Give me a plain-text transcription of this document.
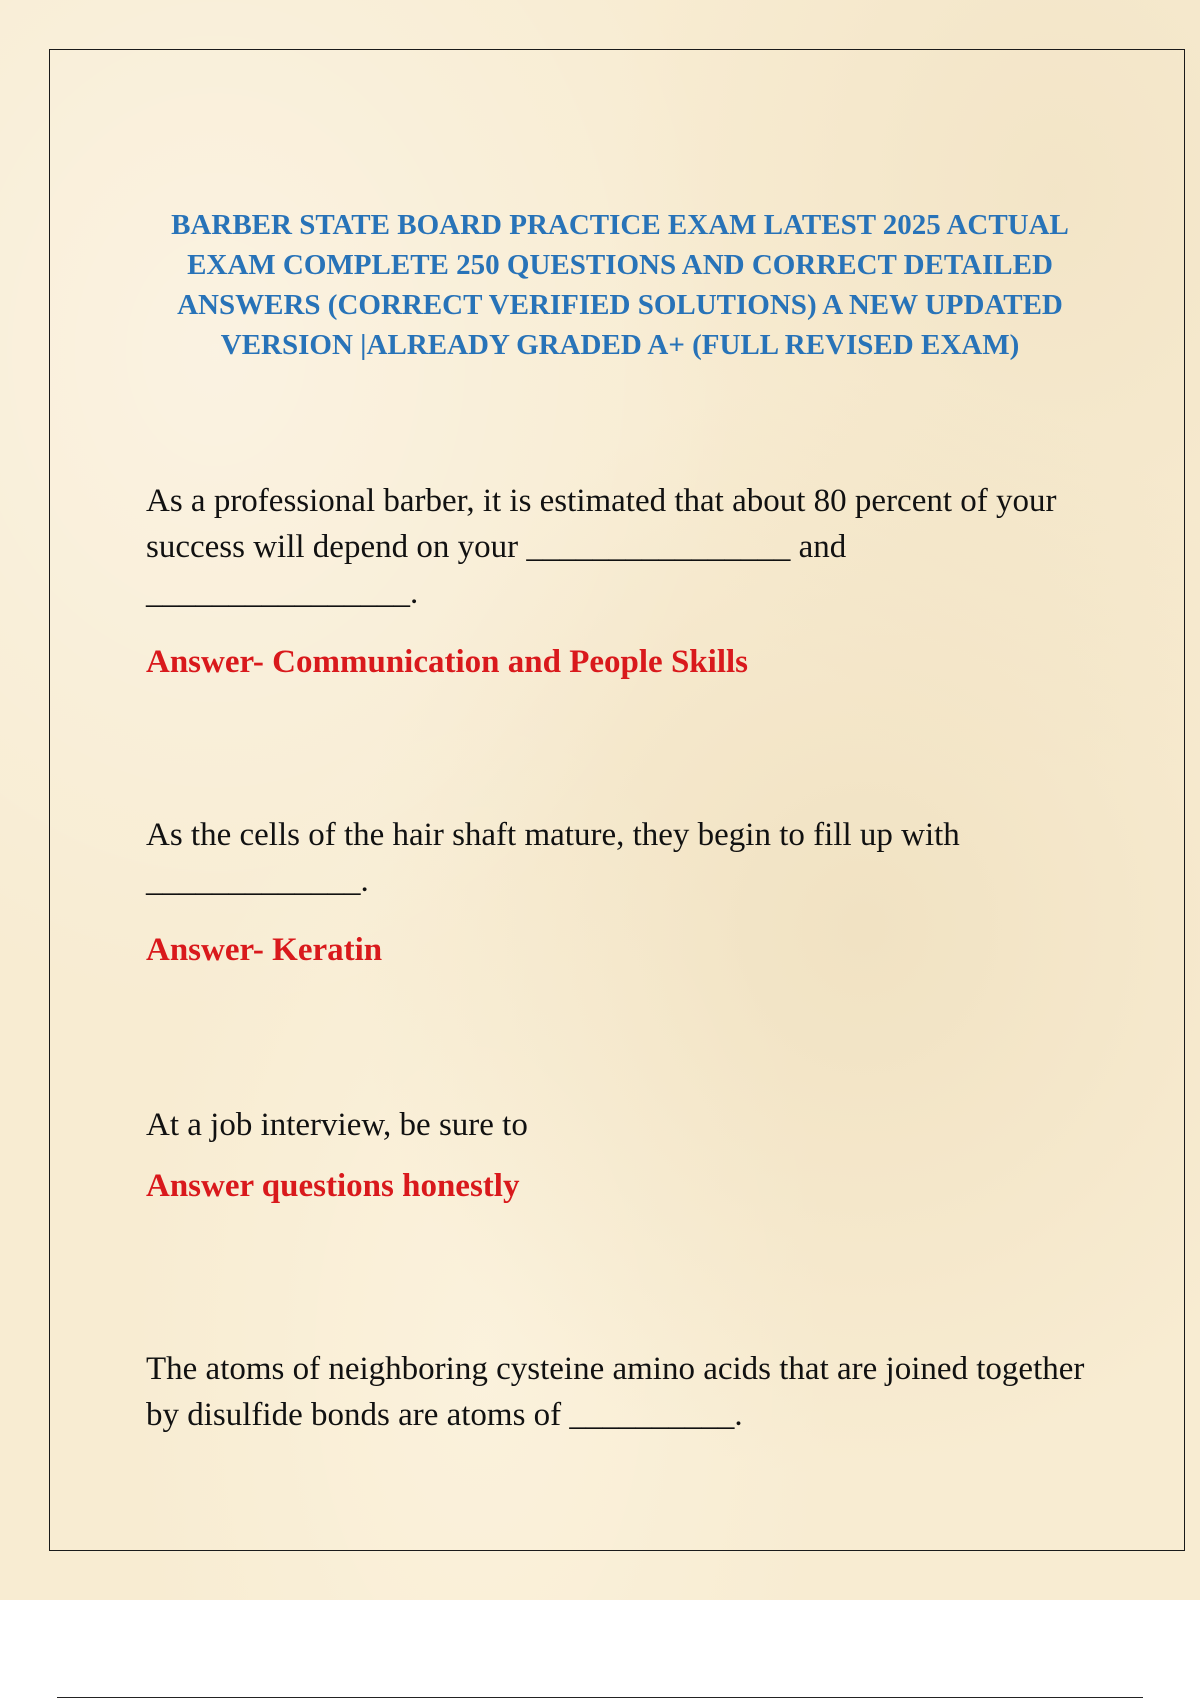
BARBER STATE BOARD PRACTICE EXAM LATEST 2025 ACTUAL EXAM COMPLETE 250 QUESTIONS AND CORRECT DETAILED ANSWERS (CORRECT VERIFIED SOLUTIONS) A NEW UPDATED VERSION |ALREADY GRADED A+ (FULL REVISED EXAM)

As a professional barber, it is estimated that about 80 percent of your success will depend on your ________________ and ________________.

Answer- Communication and People Skills

As the cells of the hair shaft mature, they begin to fill up with _____________.

Answer- Keratin

At a job interview, be sure to

Answer questions honestly

The atoms of neighboring cysteine amino acids that are joined together by disulfide bonds are atoms of __________.
